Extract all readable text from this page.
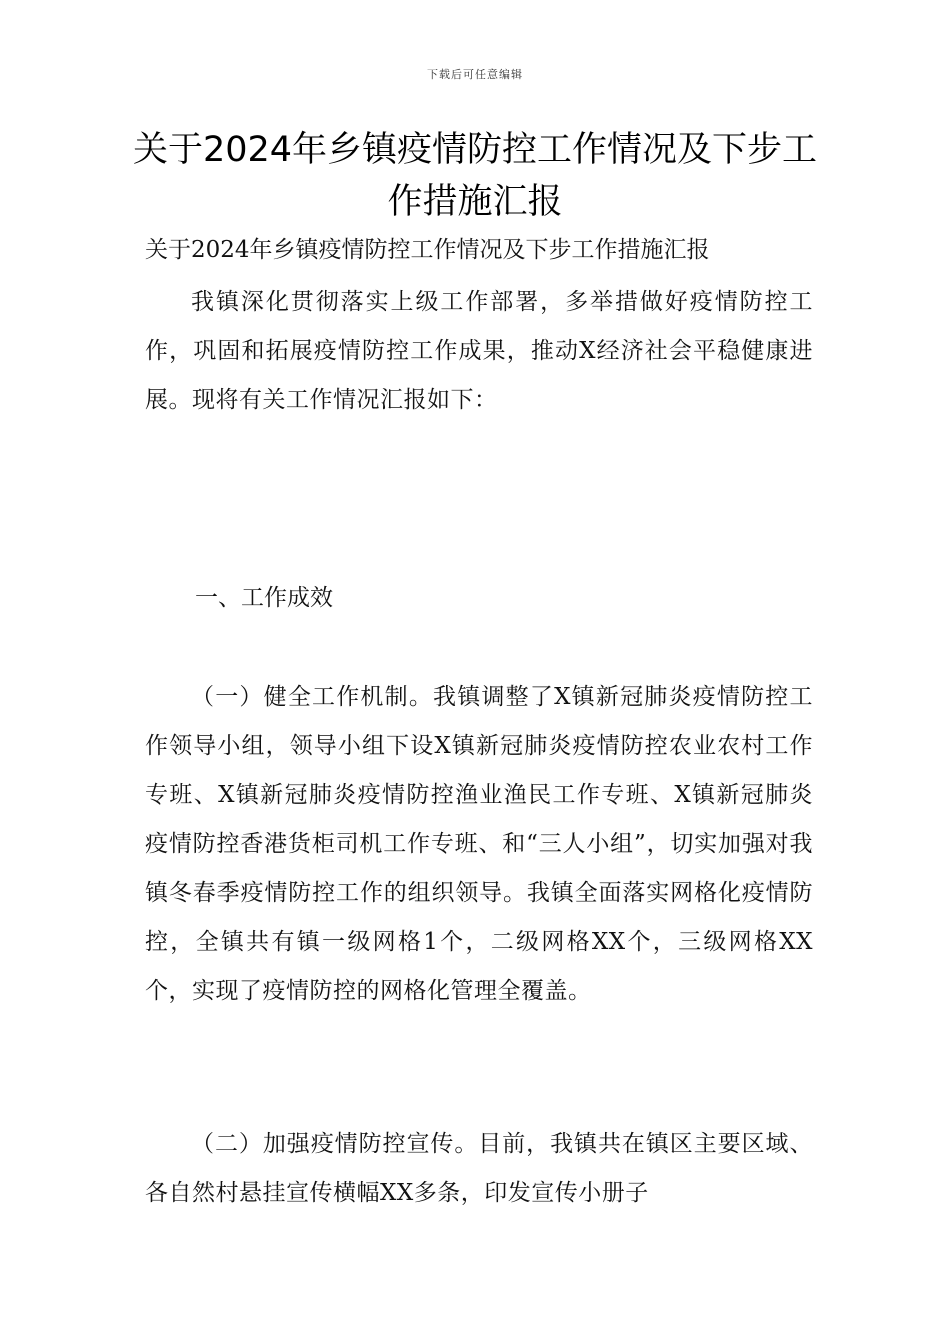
下载后可任意编辑
关于2024年乡镇疫情防控工作情况及下步工作措施汇报
关于2024年乡镇疫情防控工作情况及下步工作措施汇报

我镇深化贯彻落实上级工作部署，多举措做好疫情防控工作，巩固和拓展疫情防控工作成果，推动X经济社会平稳健康进展。现将有关工作情况汇报如下：

一、工作成效

（一）健全工作机制。我镇调整了X镇新冠肺炎疫情防控工作领导小组，领导小组下设X镇新冠肺炎疫情防控农业农村工作专班、X镇新冠肺炎疫情防控渔业渔民工作专班、X镇新冠肺炎疫情防控香港货柜司机工作专班、和“三人小组”，切实加强对我镇冬春季疫情防控工作的组织领导。我镇全面落实网格化疫情防控，全镇共有镇一级网格1个，二级网格XX个，三级网格XX个，实现了疫情防控的网格化管理全覆盖。

（二）加强疫情防控宣传。目前，我镇共在镇区主要区域、各自然村悬挂宣传横幅XX多条，印发宣传小册子
